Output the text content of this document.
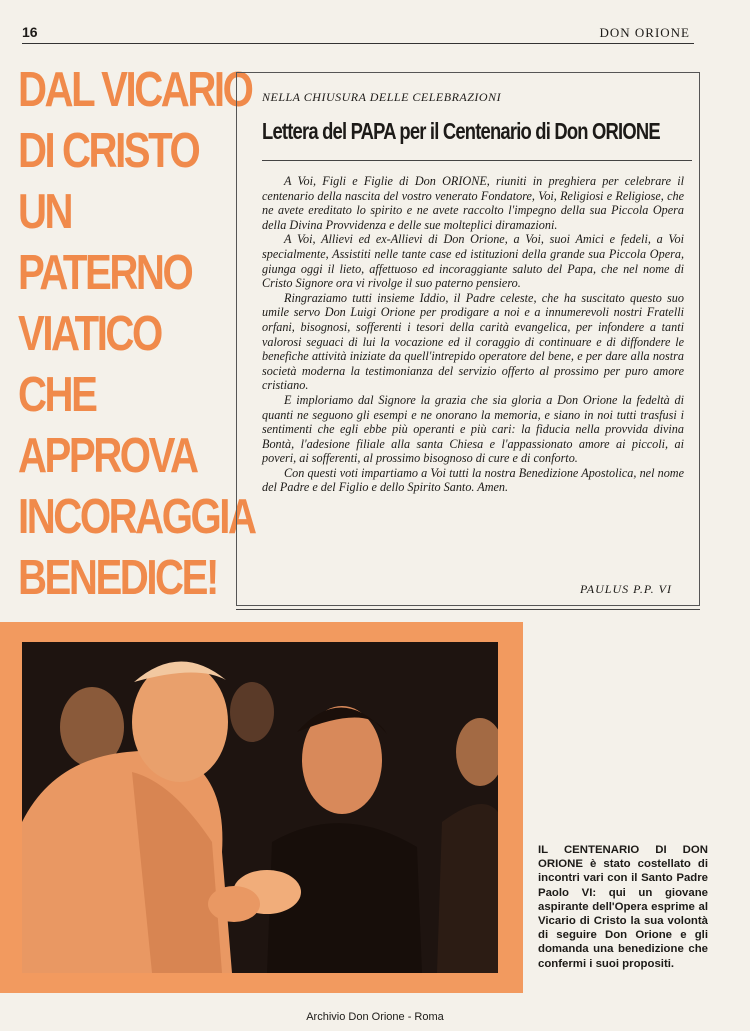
16	DON ORIONE
DAL VICARIO
DI CRISTO
UN
PATERNO
VIATICO
CHE
APPROVA
INCORAGGIA
BENEDICE!
NELLA CHIUSURA DELLE CELEBRAZIONI
Lettera del PAPA per il Centenario di Don ORIONE

A Voi, Figli e Figlie di Don ORIONE, riuniti in preghiera per celebrare il centenario della nascita del vostro venerato Fondatore, Voi, Religiosi e Religiose, che ne avete ereditato lo spirito e ne avete raccolto l'impegno della sua Piccola Opera della Divina Provvidenza e delle sue molteplici diramazioni.

A Voi, Allievi ed ex-Allievi di Don Orione, a Voi, suoi Amici e fedeli, a Voi specialmente, Assistiti nelle tante case ed istituzioni della grande sua Piccola Opera, giunga oggi il lieto, affettuoso ed incoraggiante saluto del Papa, che nel nome di Cristo Signore ora vi rivolge il suo paterno pensiero.

Ringraziamo tutti insieme Iddio, il Padre celeste, che ha suscitato questo suo umile servo Don Luigi Orione per prodigare a noi e a innumerevoli nostri Fratelli orfani, bisognosi, sofferenti i tesori della carità evangelica, per infondere a tanti valorosi seguaci di lui la vocazione ed il coraggio di continuare e di diffondere le benefiche attività iniziate da quell'intrepido operatore del bene, e per dare alla nostra società moderna la testimonianza del servizio offerto al prossimo per puro amore cristiano.

E imploriamo dal Signore la grazia che sia gloria a Don Orione la fedeltà di quanti ne seguono gli esempi e ne onorano la memoria, e siano in noi tutti trasfusi i sentimenti che egli ebbe più operanti e più cari: la fiducia nella provvida divina Bontà, l'adesione filiale alla santa Chiesa e l'appassionato amore ai piccoli, ai poveri, ai sofferenti, al prossimo bisognoso di cure e di conforto.

Con questi voti impartiamo a Voi tutti la nostra Benedizione Apostolica, nel nome del Padre e del Figlio e dello Spirito Santo. Amen.

PAULUS P.P. VI
IL CENTENARIO DI DON ORIONE è stato costellato di incontri vari con il Santo Padre Paolo VI: qui un giovane aspirante dell'Opera esprime al Vicario di Cristo la sua volontà di seguire Don Orione e gli domanda una benedizione che confermi i suoi propositi.
Archivio Don Orione - Roma
